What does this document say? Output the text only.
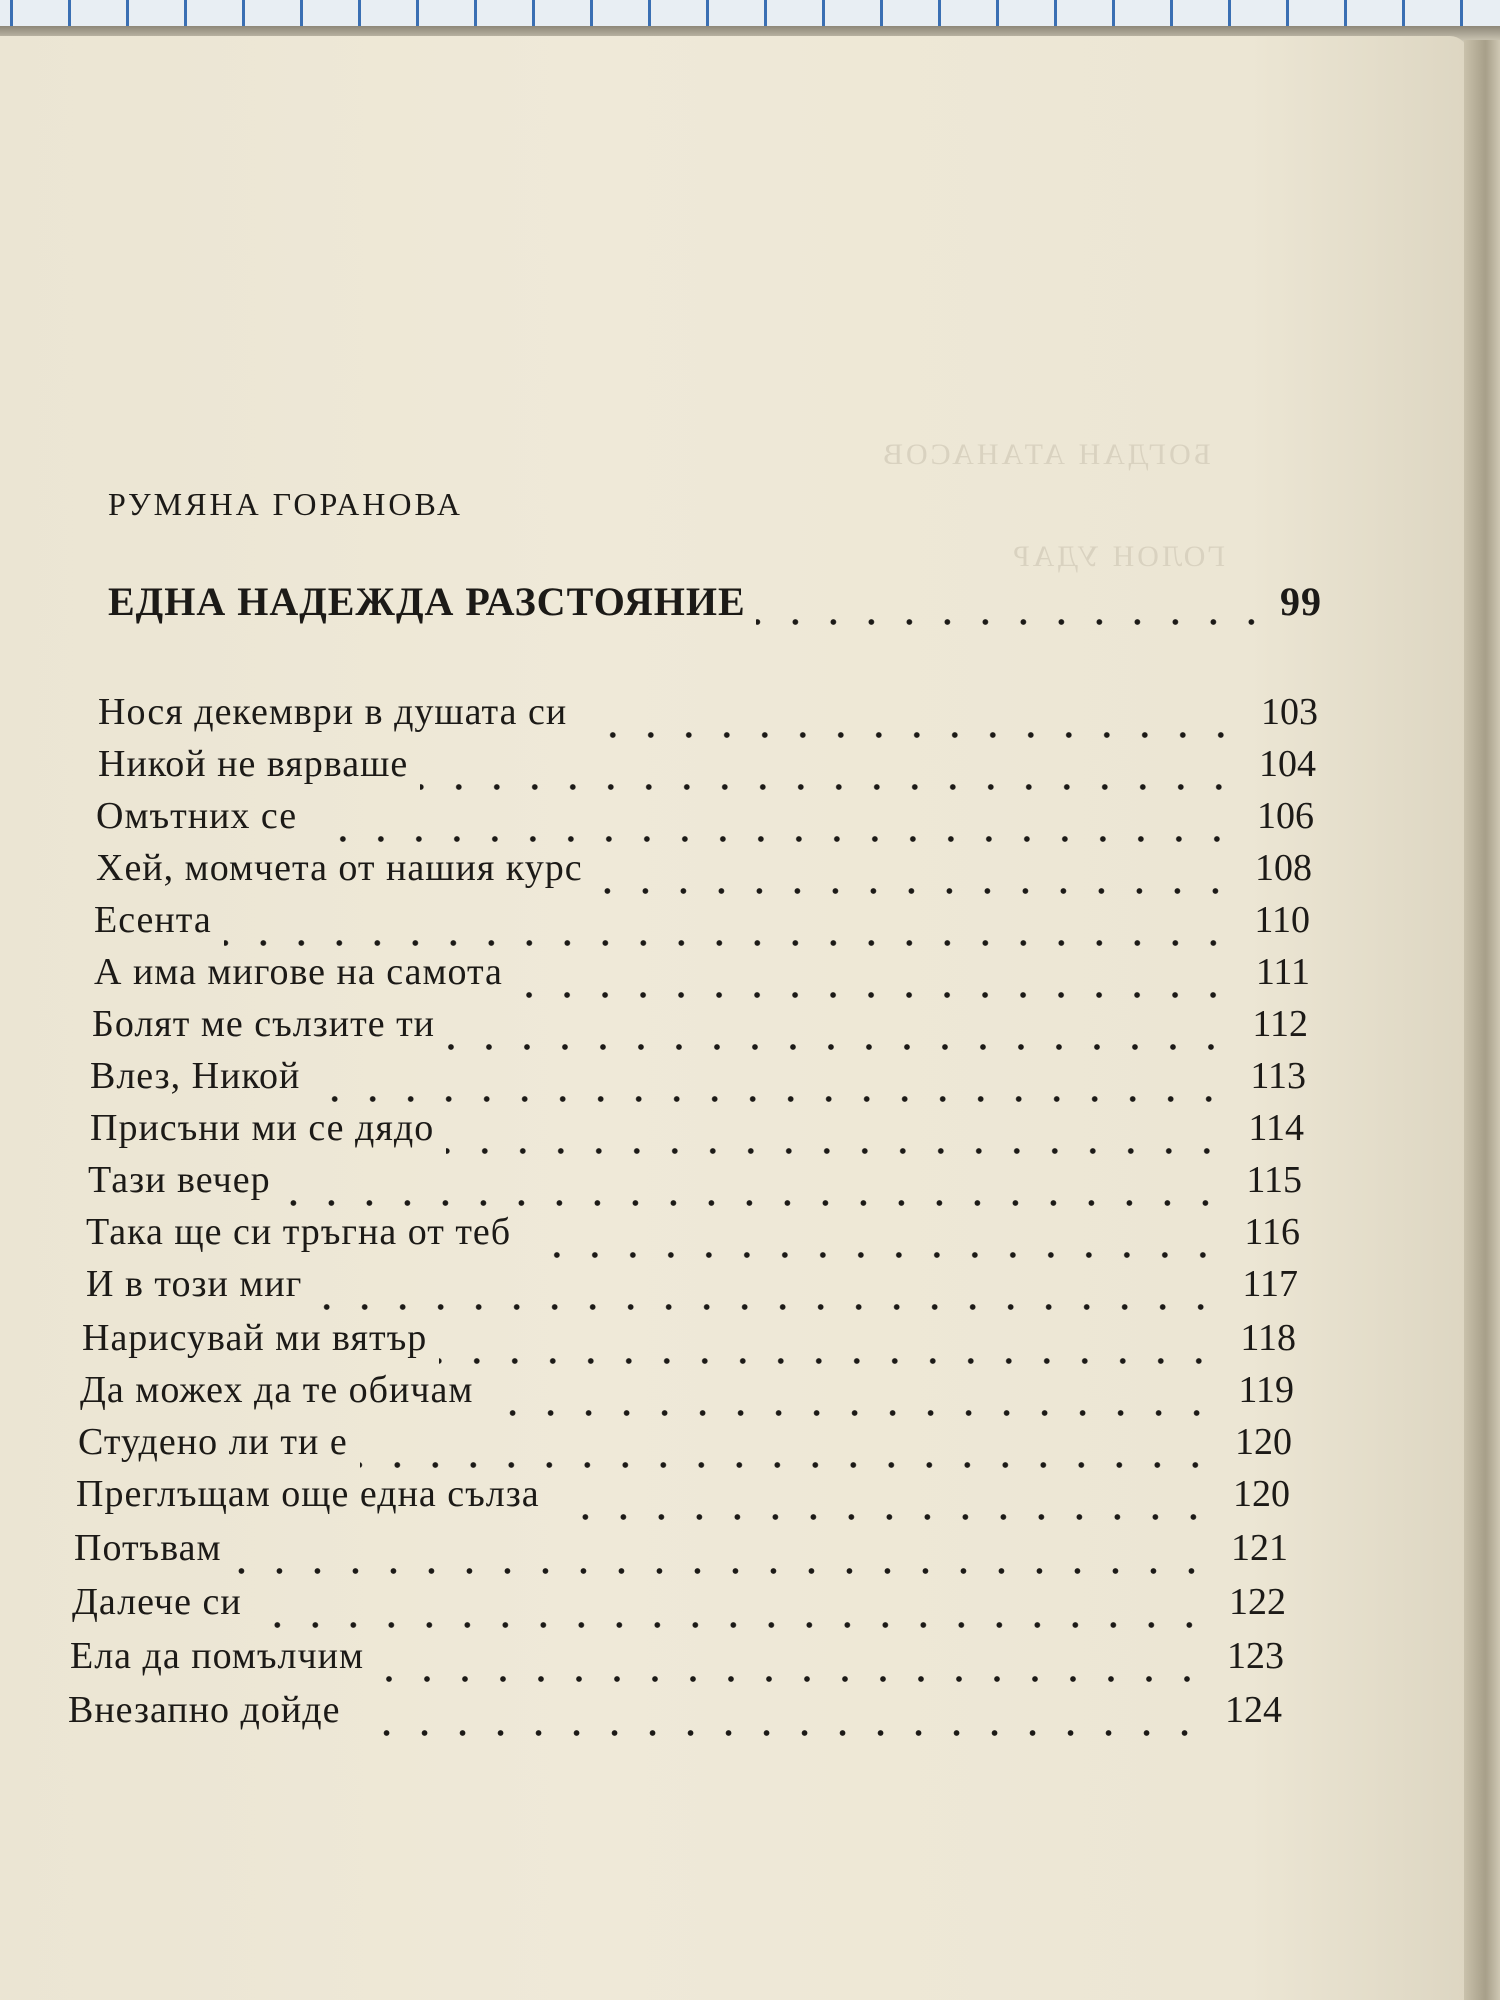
БОГДАН АТАНАСОВ
ГОЛОН УДАР
РУМЯНА ГОРАНОВА
ЕДНА НАДЕЖДА РАЗСТОЯНИЕ	99
Нося декември в душата си	103
Никой не вярваше	104
Омътних се	106
Хей, момчета от нашия курс	108
Есента	110
А има мигове на самота	111
Болят ме сълзите ти	112
Влез, Никой	113
Присъни ми се дядо	114
Тази вечер	115
Така ще си тръгна от теб	116
И в този миг	117
Нарисувай ми вятър	118
Да можех да те обичам	119
Студено ли ти е	120
Преглъщам още една сълза	120
Потъвам	121
Далече си	122
Ела да помълчим	123
Внезапно дойде	124
